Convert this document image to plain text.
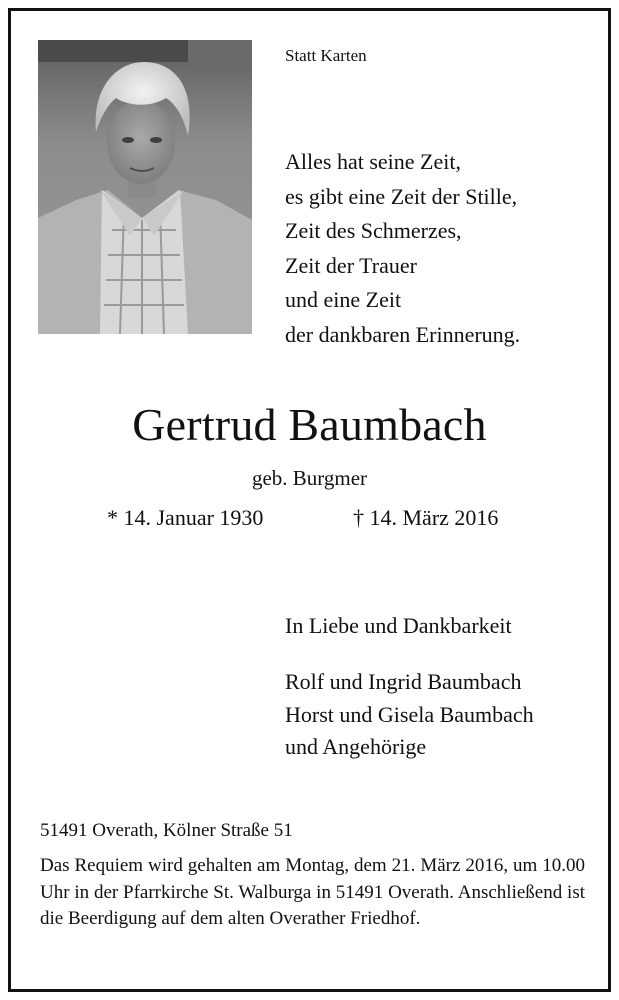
Statt Karten
Alles hat seine Zeit,
es gibt eine Zeit der Stille,
Zeit des Schmerzes,
Zeit der Trauer
und eine Zeit
der dankbaren Erinnerung.
Gertrud Baumbach
geb. Burgmer
* 14. Januar 1930	† 14. März 2016
In Liebe und Dankbarkeit
Rolf und Ingrid Baumbach
Horst und Gisela Baumbach
und Angehörige
51491 Overath, Kölner Straße 51
Das Requiem wird gehalten am Montag, dem 21. März 2016, um 10.00 Uhr in der Pfarrkirche St. Walburga in 51491 Overath. Anschließend ist die Beerdigung auf dem alten Overather Friedhof.
